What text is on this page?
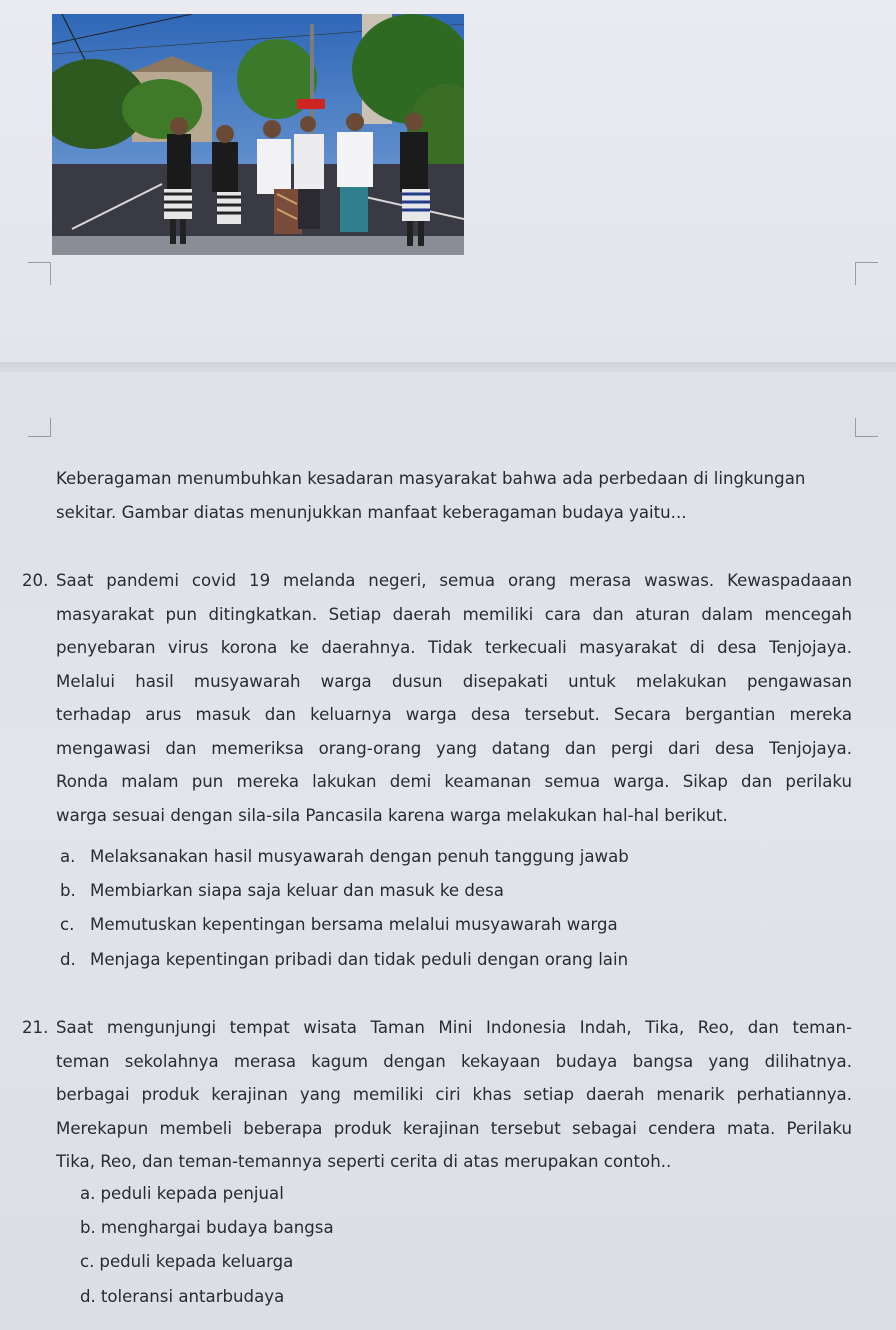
Keberagaman menumbuhkan kesadaran masyarakat bahwa ada perbedaan di lingkungan
sekitar. Gambar diatas menunjukkan manfaat keberagaman budaya yaitu...
20. Saat pandemi covid 19 melanda negeri, semua orang merasa waswas. Kewaspadaaan
masyarakat pun ditingkatkan. Setiap daerah memiliki cara dan aturan dalam mencegah
penyebaran virus korona ke daerahnya. Tidak terkecuali masyarakat di desa Tenjojaya.
Melalui hasil musyawarah warga dusun disepakati untuk melakukan pengawasan
terhadap arus masuk dan keluarnya warga desa tersebut. Secara bergantian mereka
mengawasi dan memeriksa orang-orang yang datang dan pergi dari desa Tenjojaya.
Ronda malam pun mereka lakukan demi keamanan semua warga. Sikap dan perilaku
warga sesuai dengan sila-sila Pancasila karena warga melakukan hal-hal berikut.
a. Melaksanakan hasil musyawarah dengan penuh tanggung jawab
b. Membiarkan siapa saja keluar dan masuk ke desa
c. Memutuskan kepentingan bersama melalui musyawarah warga
d. Menjaga kepentingan pribadi dan tidak peduli dengan orang lain
21. Saat mengunjungi tempat wisata Taman Mini Indonesia Indah, Tika, Reo, dan teman-
teman sekolahnya merasa kagum dengan kekayaan budaya bangsa yang dilihatnya.
berbagai produk kerajinan yang memiliki ciri khas setiap daerah menarik perhatiannya.
Merekapun membeli beberapa produk kerajinan tersebut sebagai cendera mata. Perilaku
Tika, Reo, dan teman-temannya seperti cerita di atas merupakan contoh..
a. peduli kepada penjual
b. menghargai budaya bangsa
c. peduli kepada keluarga
d. toleransi antarbudaya
